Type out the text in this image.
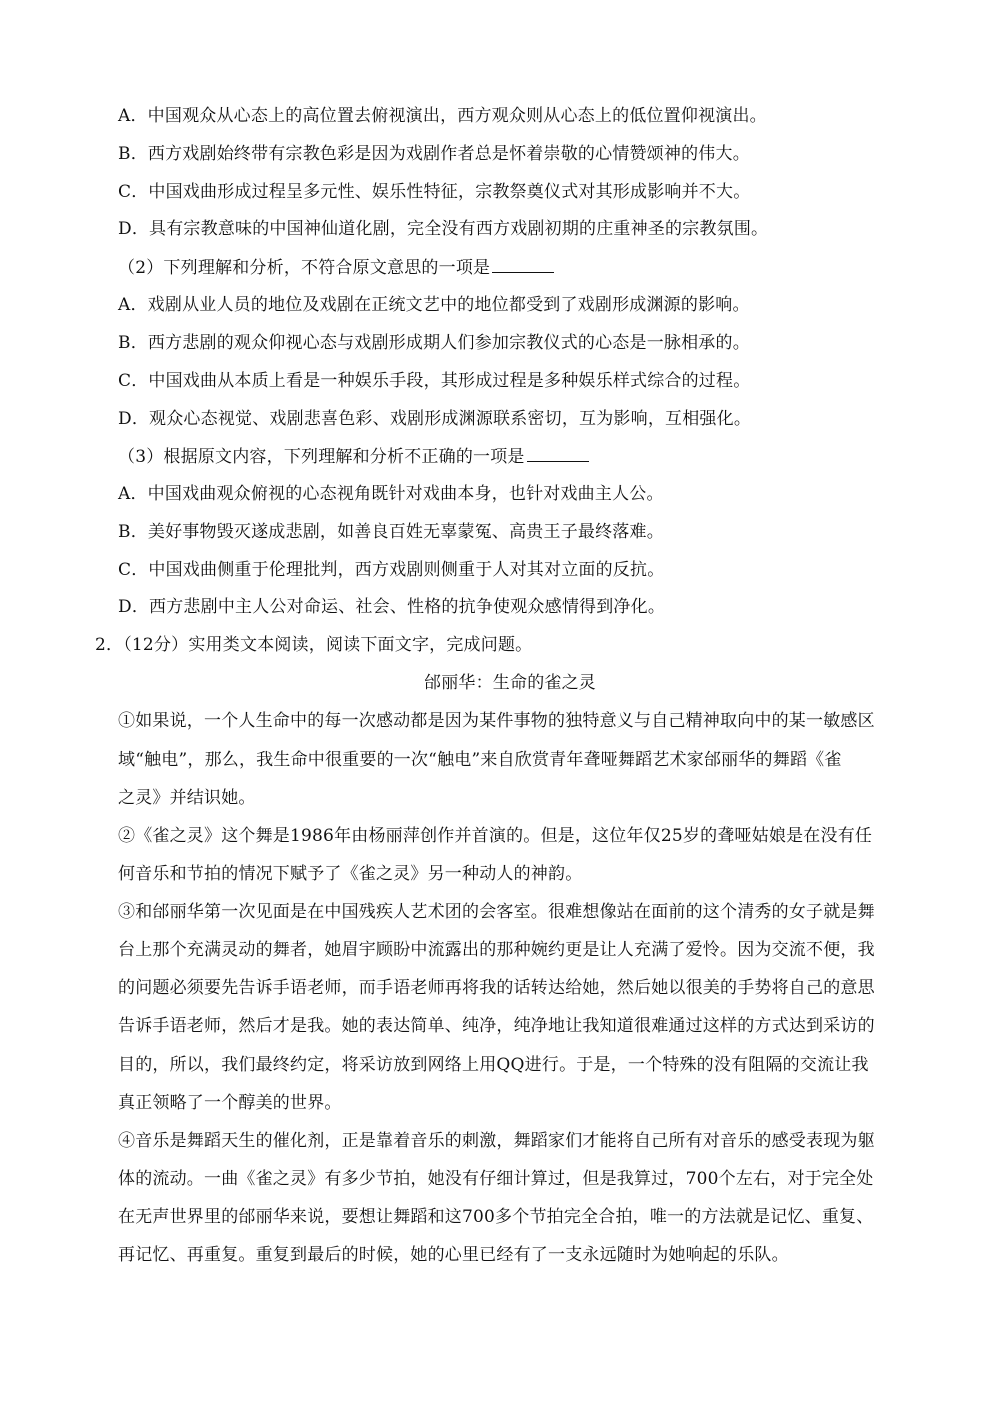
A．中国观众从心态上的高位置去俯视演出，西方观众则从心态上的低位置仰视演出。
B．西方戏剧始终带有宗教色彩是因为戏剧作者总是怀着崇敬的心情赞颂神的伟大。
C．中国戏曲形成过程呈多元性、娱乐性特征，宗教祭奠仪式对其形成影响并不大。
D．具有宗教意味的中国神仙道化剧，完全没有西方戏剧初期的庄重神圣的宗教氛围。
（2）下列理解和分析，不符合原文意思的一项是
A．戏剧从业人员的地位及戏剧在正统文艺中的地位都受到了戏剧形成渊源的影响。
B．西方悲剧的观众仰视心态与戏剧形成期人们参加宗教仪式的心态是一脉相承的。
C．中国戏曲从本质上看是一种娱乐手段，其形成过程是多种娱乐样式综合的过程。
D．观众心态视觉、戏剧悲喜色彩、戏剧形成渊源联系密切，互为影响，互相强化。
（3）根据原文内容，下列理解和分析不正确的一项是
A．中国戏曲观众俯视的心态视角既针对戏曲本身，也针对戏曲主人公。
B．美好事物毁灭遂成悲剧，如善良百姓无辜蒙冤、高贵王子最终落难。
C．中国戏曲侧重于伦理批判，西方戏剧则侧重于人对其对立面的反抗。
D．西方悲剧中主人公对命运、社会、性格的抗争使观众感情得到净化。
2．（12分）实用类文本阅读，阅读下面文字，完成问题。
邰丽华：生命的雀之灵
①如果说，一个人生命中的每一次感动都是因为某件事物的独特意义与自己精神取向中的某一敏感区
域“触电”，那么，我生命中很重要的一次“触电”来自欣赏青年聋哑舞蹈艺术家邰丽华的舞蹈《雀
之灵》并结识她。
②《雀之灵》这个舞是1986年由杨丽萍创作并首演的。但是，这位年仅25岁的聋哑姑娘是在没有任
何音乐和节拍的情况下赋予了《雀之灵》另一种动人的神韵。
③和邰丽华第一次见面是在中国残疾人艺术团的会客室。很难想像站在面前的这个清秀的女子就是舞
台上那个充满灵动的舞者，她眉宇顾盼中流露出的那种婉约更是让人充满了爱怜。因为交流不便，我
的问题必须要先告诉手语老师，而手语老师再将我的话转达给她，然后她以很美的手势将自己的意思
告诉手语老师，然后才是我。她的表达简单、纯净，纯净地让我知道很难通过这样的方式达到采访的
目的，所以，我们最终约定，将采访放到网络上用QQ进行。于是，一个特殊的没有阻隔的交流让我
真正领略了一个醇美的世界。
④音乐是舞蹈天生的催化剂，正是靠着音乐的刺激，舞蹈家们才能将自己所有对音乐的感受表现为躯
体的流动。一曲《雀之灵》有多少节拍，她没有仔细计算过，但是我算过，700个左右，对于完全处
在无声世界里的邰丽华来说，要想让舞蹈和这700多个节拍完全合拍，唯一的方法就是记忆、重复、
再记忆、再重复。重复到最后的时候，她的心里已经有了一支永远随时为她响起的乐队。
